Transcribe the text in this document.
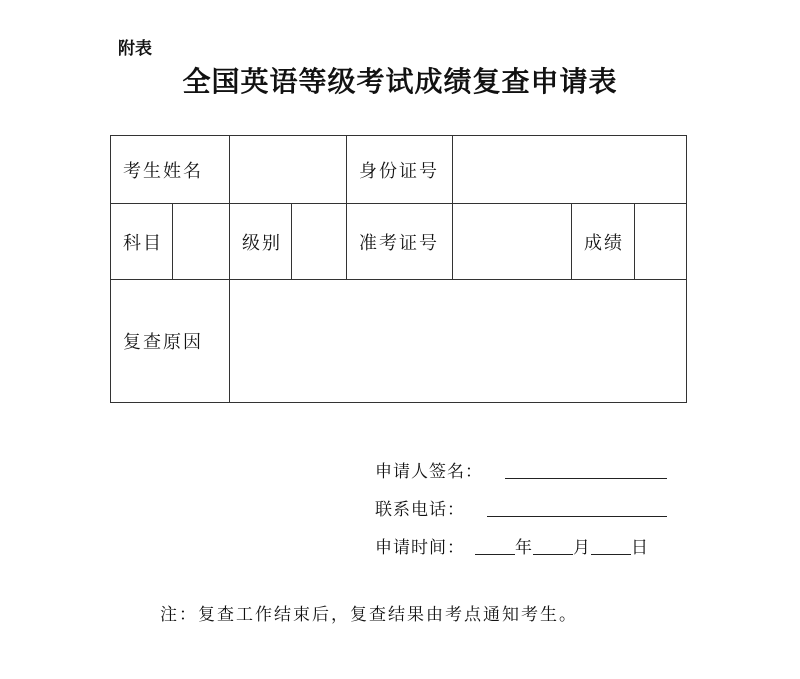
附表
全国英语等级考试成绩复查申请表
考生姓名				身份证号			
科目		级别		准考证号		成绩	
复查原因							
申请人签名：
联系电话：
申请时间：	年 月 日
注：复查工作结束后，复查结果由考点通知考生。
